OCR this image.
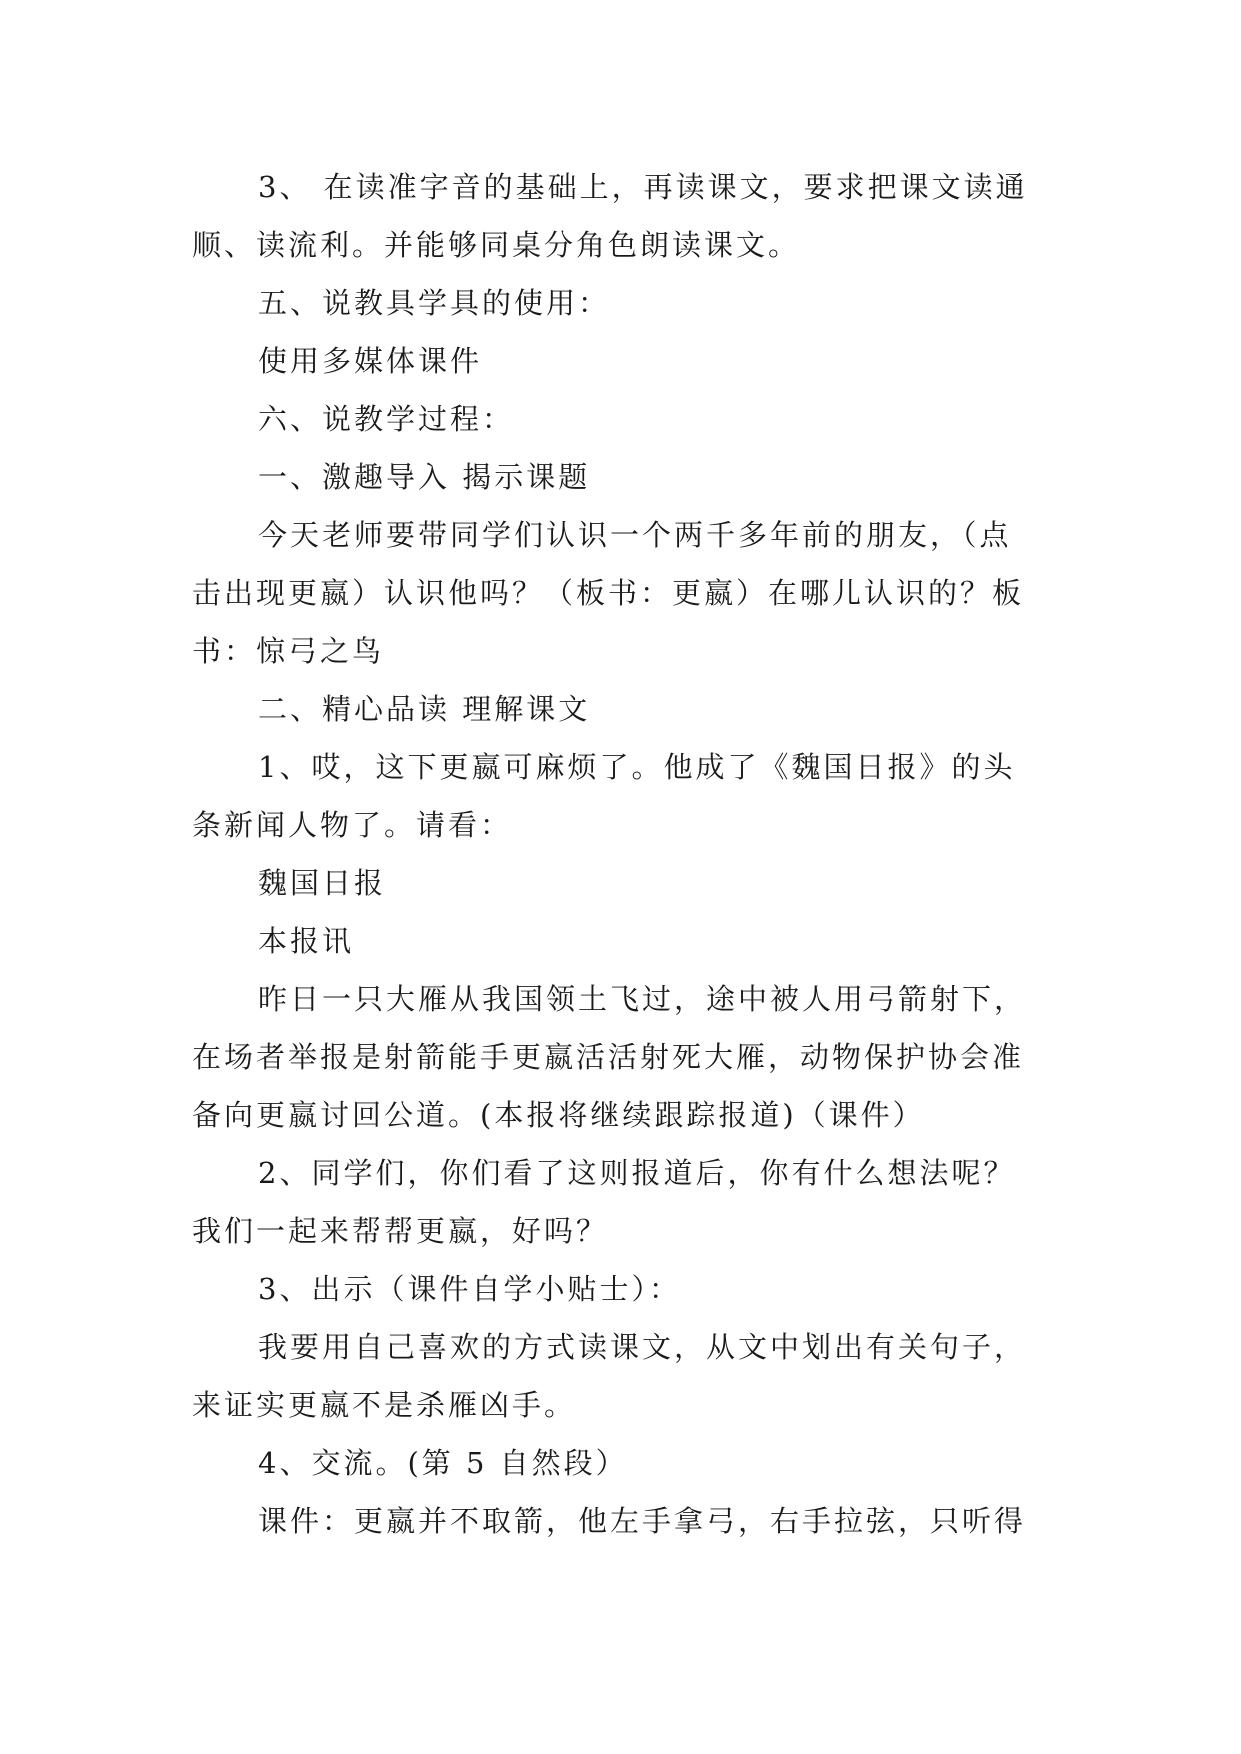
3、 在读准字音的基础上，再读课文，要求把课文读通
顺、读流利。并能够同桌分角色朗读课文。
五、说教具学具的使用：
使用多媒体课件
六、说教学过程：
一、激趣导入 揭示课题
今天老师要带同学们认识一个两千多年前的朋友，（点
击出现更嬴）认识他吗？（板书：更嬴）在哪儿认识的？板
书：惊弓之鸟
二、精心品读 理解课文
1、哎，这下更嬴可麻烦了。他成了《魏国日报》的头
条新闻人物了。请看：
魏国日报
本报讯
昨日一只大雁从我国领土飞过，途中被人用弓箭射下，
在场者举报是射箭能手更嬴活活射死大雁，动物保护协会准
备向更嬴讨回公道。(本报将继续跟踪报道)（课件）
2、同学们，你们看了这则报道后，你有什么想法呢？
我们一起来帮帮更嬴，好吗？
3、出示（课件自学小贴士）：
我要用自己喜欢的方式读课文，从文中划出有关句子，
来证实更嬴不是杀雁凶手。
4、交流。(第 5 自然段）
课件：更嬴并不取箭，他左手拿弓，右手拉弦，只听得
